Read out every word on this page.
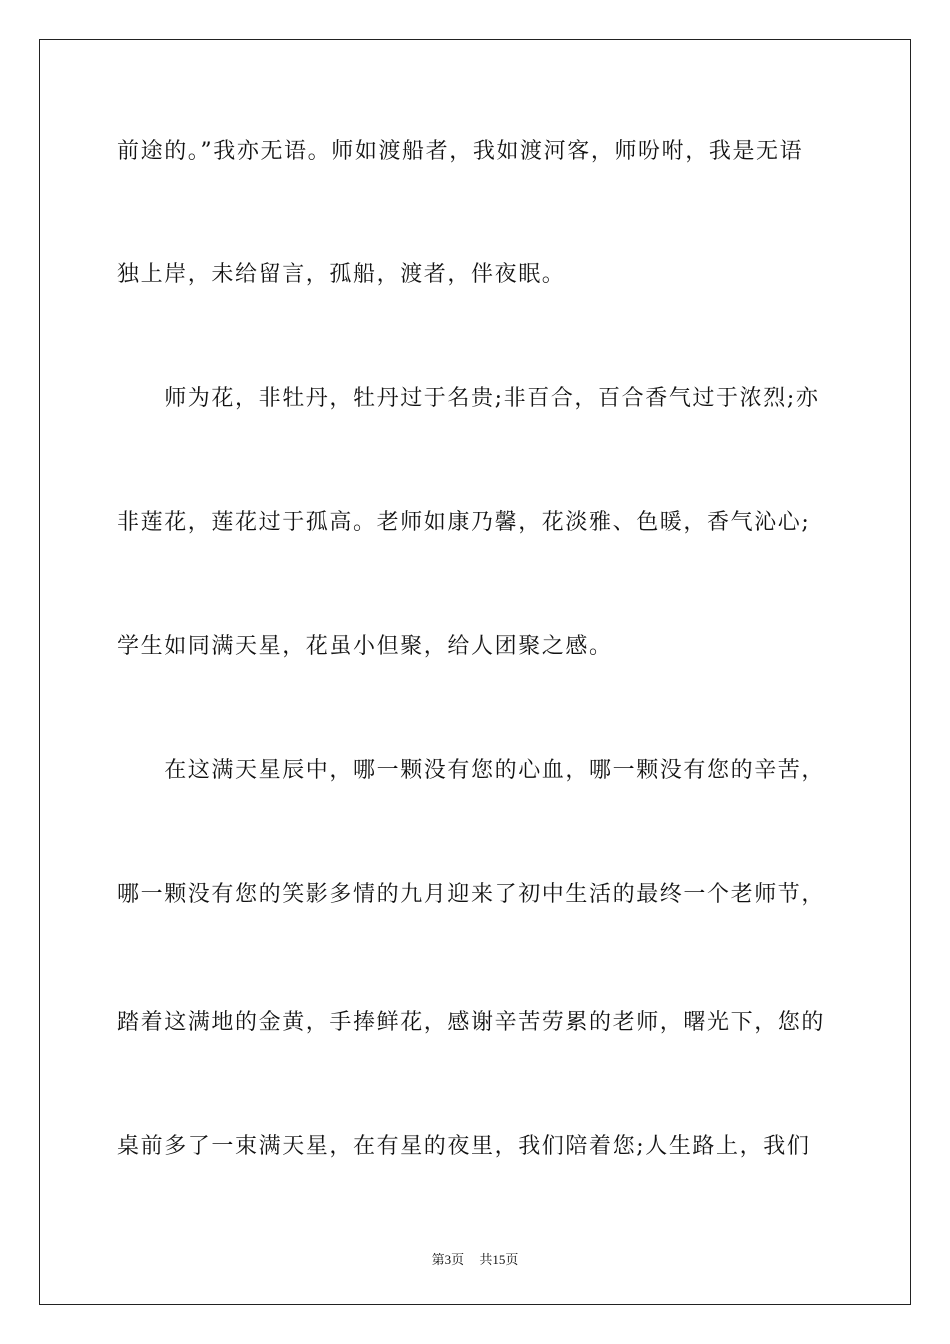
前途的。”我亦无语。师如渡船者，我如渡河客，师吩咐，我是无语
独上岸，未给留言，孤船，渡者，伴夜眠。
　　师为花，非牡丹，牡丹过于名贵;非百合，百合香气过于浓烈;亦
非莲花，莲花过于孤高。老师如康乃馨，花淡雅、色暖，香气沁心;
学生如同满天星，花虽小但聚，给人团聚之感。
　　在这满天星辰中，哪一颗没有您的心血，哪一颗没有您的辛苦，
哪一颗没有您的笑影多情的九月迎来了初中生活的最终一个老师节，
踏着这满地的金黄，手捧鲜花，感谢辛苦劳累的老师，曙光下，您的
桌前多了一束满天星，在有星的夜里，我们陪着您;人生路上，我们
第3页 共15页
